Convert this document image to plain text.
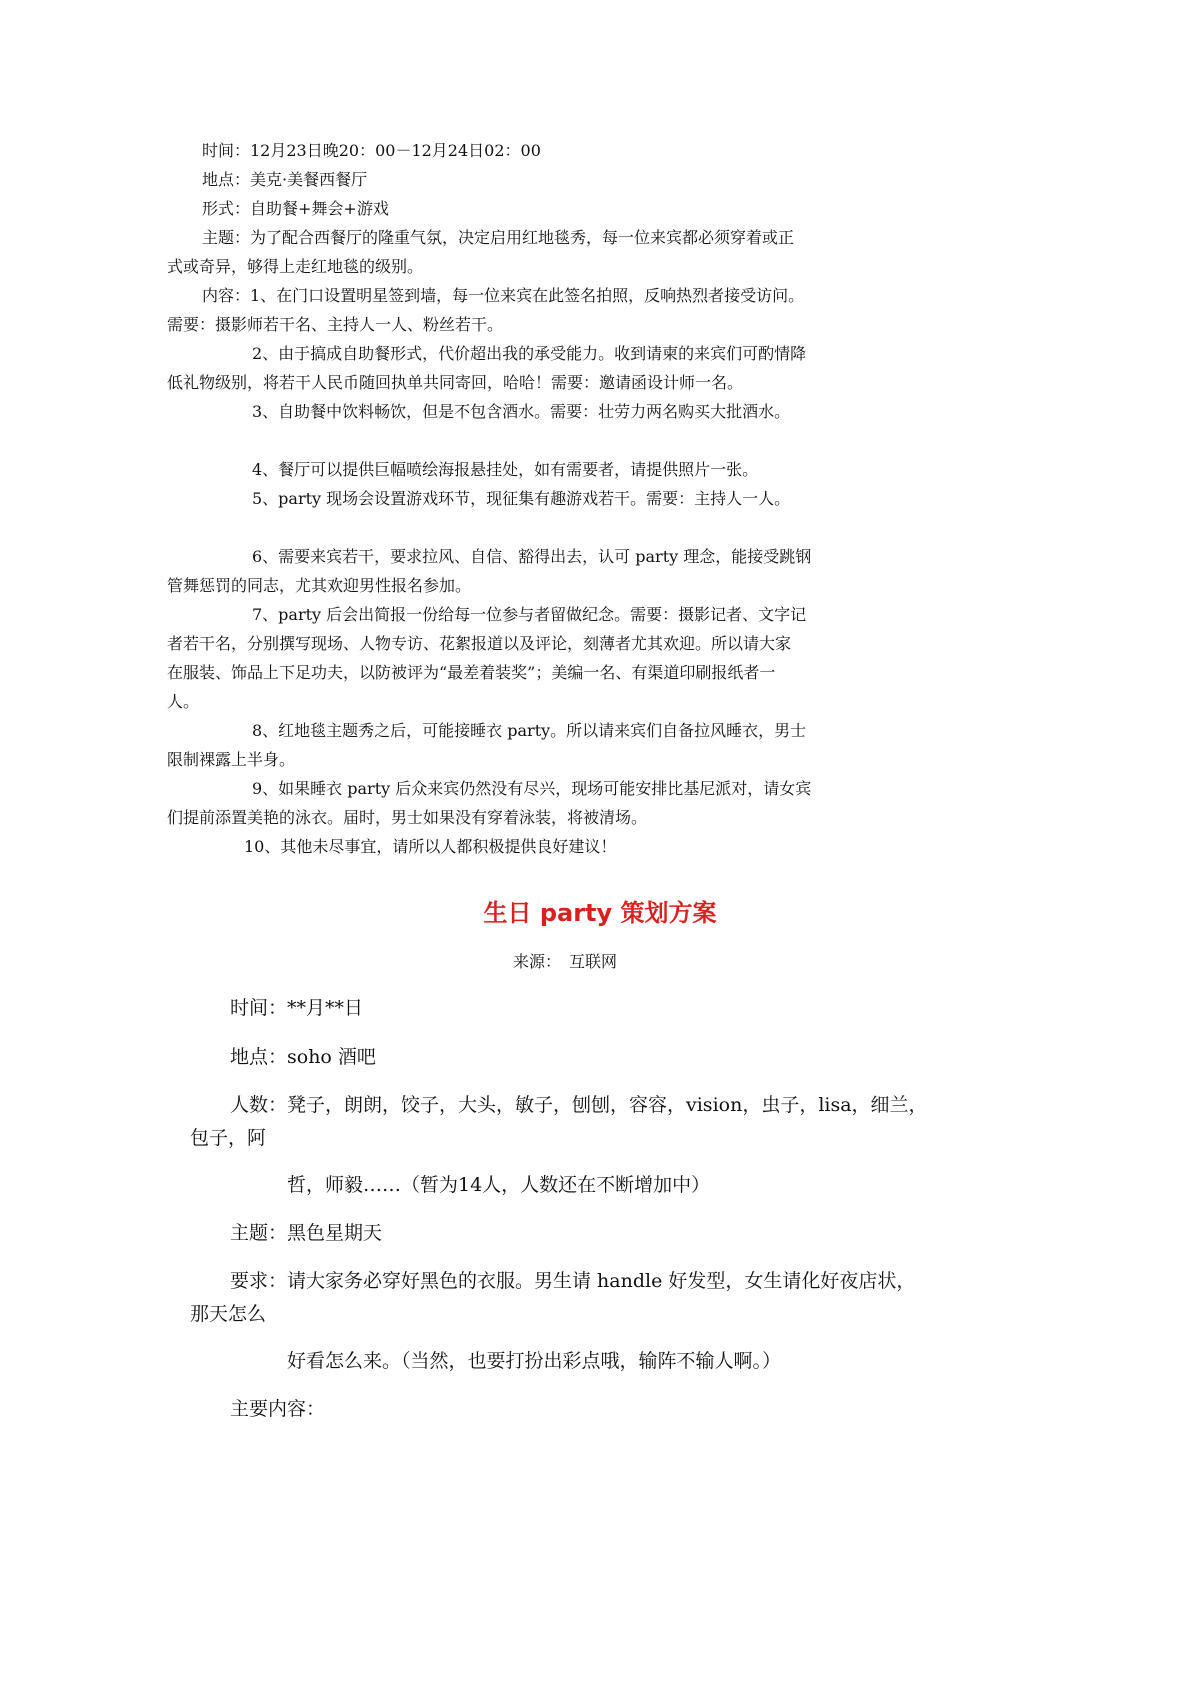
时间：12月23日晚20：00－12月24日02：00
地点：美克·美餐西餐厅
形式：自助餐+舞会+游戏
主题：为了配合西餐厅的隆重气氛，决定启用红地毯秀，每一位来宾都必须穿着或正
式或奇异，够得上走红地毯的级别。
内容：1、在门口设置明星签到墙，每一位来宾在此签名拍照，反响热烈者接受访问。
需要：摄影师若干名、主持人一人、粉丝若干。
2、由于搞成自助餐形式，代价超出我的承受能力。收到请柬的来宾们可酌情降
低礼物级别，将若干人民币随回执单共同寄回，哈哈！需要：邀请函设计师一名。
3、自助餐中饮料畅饮，但是不包含酒水。需要：壮劳力两名购买大批酒水。
4、餐厅可以提供巨幅喷绘海报悬挂处，如有需要者，请提供照片一张。
5、party 现场会设置游戏环节，现征集有趣游戏若干。需要：主持人一人。
6、需要来宾若干，要求拉风、自信、豁得出去，认可 party 理念，能接受跳钢
管舞惩罚的同志，尤其欢迎男性报名参加。
7、party 后会出简报一份给每一位参与者留做纪念。需要：摄影记者、文字记
者若干名，分别撰写现场、人物专访、花絮报道以及评论，刻薄者尤其欢迎。所以请大家
在服装、饰品上下足功夫，以防被评为“最差着装奖”；美编一名、有渠道印刷报纸者一
人。
8、红地毯主题秀之后，可能接睡衣 party。所以请来宾们自备拉风睡衣，男士
限制裸露上半身。
9、如果睡衣 party 后众来宾仍然没有尽兴，现场可能安排比基尼派对，请女宾
们提前添置美艳的泳衣。届时，男士如果没有穿着泳装，将被清场。
10、其他未尽事宜，请所以人都积极提供良好建议！
生日 party 策划方案
来源：　互联网
时间：**月**日
地点：soho 酒吧
人数：凳子，朗朗，饺子，大头，敏子，刨刨，容容，vision，虫子，lisa，细兰，
包子，阿
哲，师毅……（暂为14人，人数还在不断增加中）
主题：黑色星期天
要求：请大家务必穿好黑色的衣服。男生请 handle 好发型，女生请化好夜店状，
那天怎么
好看怎么来。（当然，也要打扮出彩点哦，输阵不输人啊。）
主要内容：
